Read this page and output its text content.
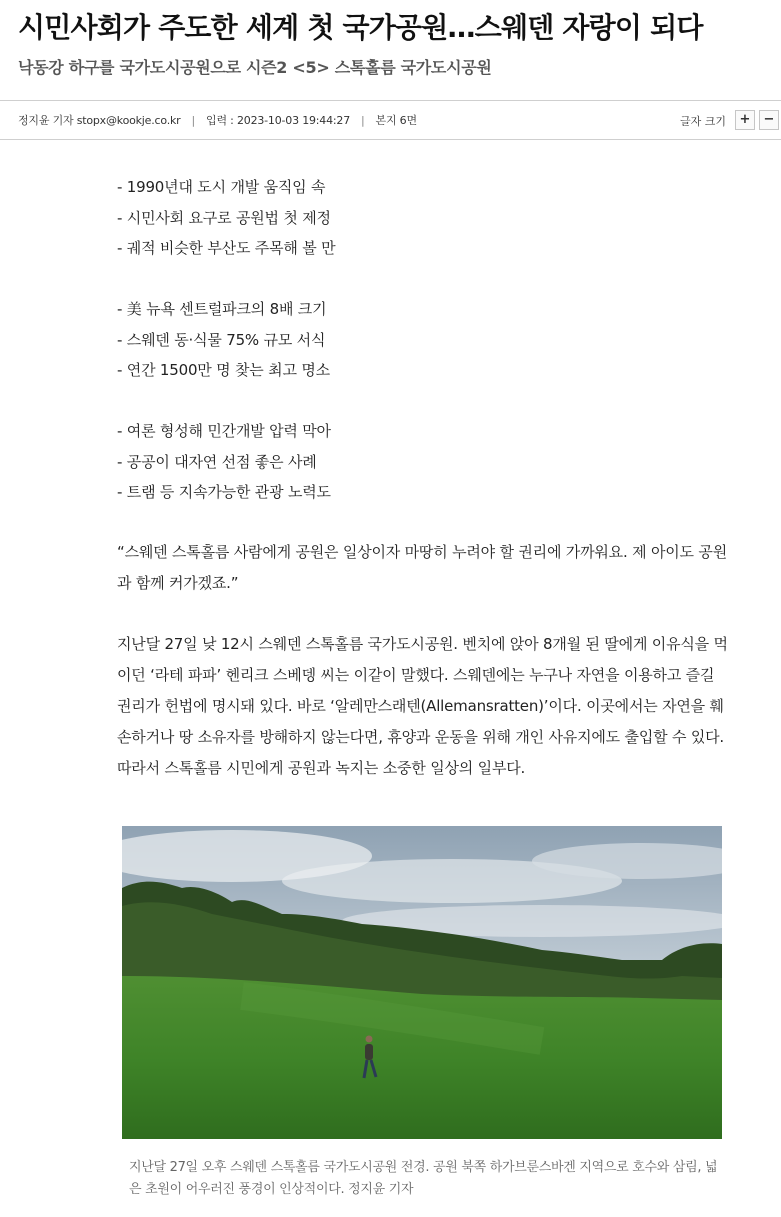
시민사회가 주도한 세계 첫 국가공원…스웨덴 자랑이 되다
낙동강 하구를 국가도시공원으로 시즌2 <5> 스톡홀름 국가도시공원
정지윤 기자 stopx@kookje.co.kr | 입력 : 2023-10-03 19:44:27 | 본지 6면	글자 크기	+	−
- 1990년대 도시 개발 움직임 속
- 시민사회 요구로 공원법 첫 제정
- 궤적 비슷한 부산도 주목해 볼 만
- 美 뉴욕 센트럴파크의 8배 크기
- 스웨덴 동·식물 75% 규모 서식
- 연간 1500만 명 찾는 최고 명소
- 여론 형성해 민간개발 압력 막아
- 공공이 대자연 선점 좋은 사례
- 트램 등 지속가능한 관광 노력도
“스웨덴 스톡홀름 사람에게 공원은 일상이자 마땅히 누려야 할 권리에 가까워요. 제 아이도 공원과 함께 커가겠죠.”
지난달 27일 낮 12시 스웨덴 스톡홀름 국가도시공원. 벤치에 앉아 8개월 된 딸에게 이유식을 먹이던 ‘라테 파파’ 헨리크 스베뎅 씨는 이같이 말했다. 스웨덴에는 누구나 자연을 이용하고 즐길 권리가 헌법에 명시돼 있다. 바로 ‘알레만스래텐(Allemansratten)’이다. 이곳에서는 자연을 훼손하거나 땅 소유자를 방해하지 않는다면, 휴양과 운동을 위해 개인 사유지에도 출입할 수 있다. 따라서 스톡홀름 시민에게 공원과 녹지는 소중한 일상의 일부다.
지난달 27일 오후 스웨덴 스톡홀름 국가도시공원 전경. 공원 북쪽 하가브룬스바겐 지역으로 호수와 삼림, 넓은 초원이 어우러진 풍경이 인상적이다. 정지윤 기자
